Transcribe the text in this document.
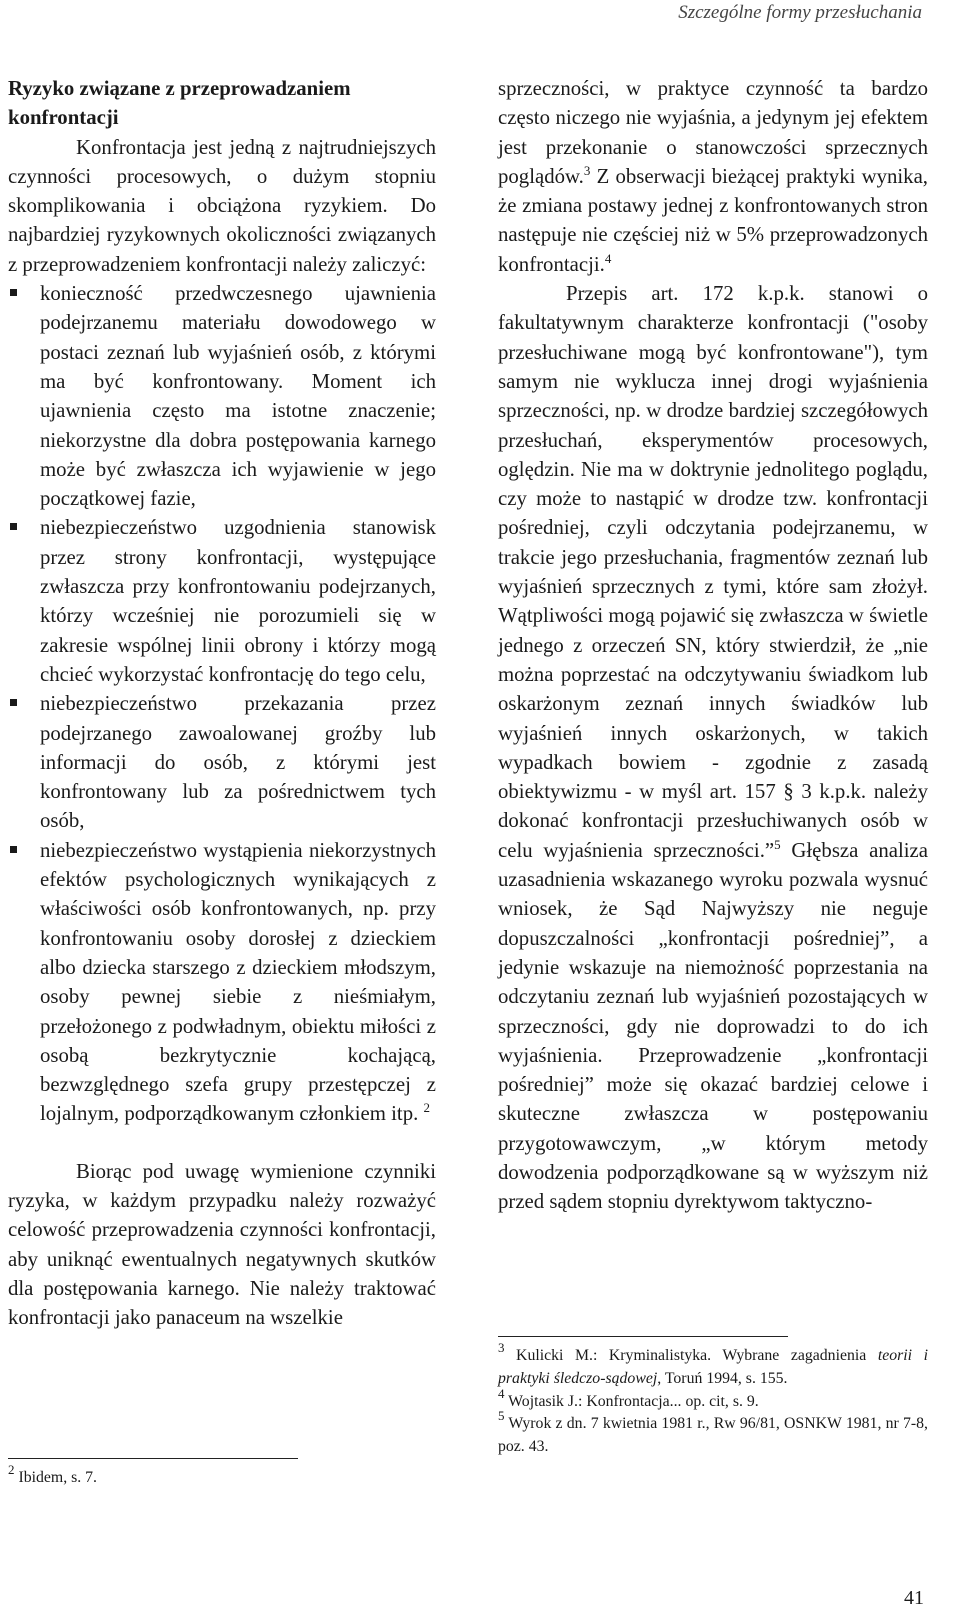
Szczególne formy przesłuchania

Ryzyko związane z przeprowadzaniem konfrontacji

Konfrontacja jest jedną z najtrudniejszych czynności procesowych, o dużym stopniu skomplikowania i obciążona ryzykiem. Do najbardziej ryzykownych okoliczności związanych z przeprowadzeniem konfrontacji należy zaliczyć:

konieczność przedwczesnego ujawnienia podejrzanemu materiału dowodowego w postaci zeznań lub wyjaśnień osób, z którymi ma być konfrontowany. Moment ich ujawnienia często ma istotne znaczenie; niekorzystne dla dobra postępowania karnego może być zwłaszcza ich wyjawienie w jego początkowej fazie,
niebezpieczeństwo uzgodnienia stanowisk przez strony konfrontacji, występujące zwłaszcza przy konfrontowaniu podejrzanych, którzy wcześniej nie porozumieli się w zakresie wspólnej linii obrony i którzy mogą chcieć wykorzystać konfrontację do tego celu,
niebezpieczeństwo przekazania przez podejrzanego zawoalowanej groźby lub informacji do osób, z którymi jest konfrontowany lub za pośrednictwem tych osób,
niebezpieczeństwo wystąpienia niekorzystnych efektów psychologicznych wynikających z właściwości osób konfrontowanych, np. przy konfrontowaniu osoby dorosłej z dzieckiem albo dziecka starszego z dzieckiem młodszym, osoby pewnej siebie z nieśmiałym, przełożonego z podwładnym, obiektu miłości z osobą bezkrytycznie kochającą, bezwzględnego szefa grupy przestępczej z lojalnym, podporządkowanym członkiem itp. $^2$

Biorąc pod uwagę wymienione czynniki ryzyka, w każdym przypadku należy rozważyć celowość przeprowadzenia czynności konfrontacji, aby uniknąć ewentualnych negatywnych skutków dla postępowania karnego. Nie należy traktować konfrontacji jako panaceum na wszelkie

$^2$ Ibidem, s. 7.

sprzeczności, w praktyce czynność ta bardzo często niczego nie wyjaśnia, a jedynym jej efektem jest przekonanie o stanowczości sprzecznych poglądów.$^3$ Z obserwacji bieżącej praktyki wynika, że zmiana postawy jednej z konfrontowanych stron następuje nie częściej niż w 5% przeprowadzonych konfrontacji.$^4$

Przepis art. 172 k.p.k. stanowi o fakultatywnym charakterze konfrontacji ("osoby przesłuchiwane mogą być konfrontowane"), tym samym nie wyklucza innej drogi wyjaśnienia sprzeczności, np. w drodze bardziej szczegółowych przesłuchań, eksperymentów procesowych, oględzin. Nie ma w doktrynie jednolitego poglądu, czy może to nastąpić w drodze tzw. konfrontacji pośredniej, czyli odczytania podejrzanemu, w trakcie jego przesłuchania, fragmentów zeznań lub wyjaśnień sprzecznych z tymi, które sam złożył. Wątpliwości mogą pojawić się zwłaszcza w świetle jednego z orzeczeń SN, który stwierdził, że „nie można poprzestać na odczytywaniu świadkom lub oskarżonym zeznań innych świadków lub wyjaśnień innych oskarżonych, w takich wypadkach bowiem - zgodnie z zasadą obiektywizmu - w myśl art. 157 § 3 k.p.k. należy dokonać konfrontacji przesłuchiwanych osób w celu wyjaśnienia sprzeczności.”$^5$ Głębsza analiza uzasadnienia wskazanego wyroku pozwala wysnuć wniosek, że Sąd Najwyższy nie neguje dopuszczalności „konfrontacji pośredniej”, a jedynie wskazuje na niemożność poprzestania na odczytaniu zeznań lub wyjaśnień pozostających w sprzeczności, gdy nie doprowadzi to do ich wyjaśnienia. Przeprowadzenie „konfrontacji pośredniej” może się okazać bardziej celowe i skuteczne zwłaszcza w postępowaniu przygotowawczym, „w którym metody dowodzenia podporządkowane są w wyższym niż przed sądem stopniu dyrektywom taktyczno-

$^3$ Kulicki M.: Kryminalistyka. Wybrane zagadnienia teorii i praktyki śledczo-sądowej, Toruń 1994, s. 155.

$^4$ Wojtasik J.: Konfrontacja... op. cit, s. 9.

$^5$ Wyrok z dn. 7 kwietnia 1981 r., Rw 96/81, OSNKW 1981, nr 7-8, poz. 43.

41
